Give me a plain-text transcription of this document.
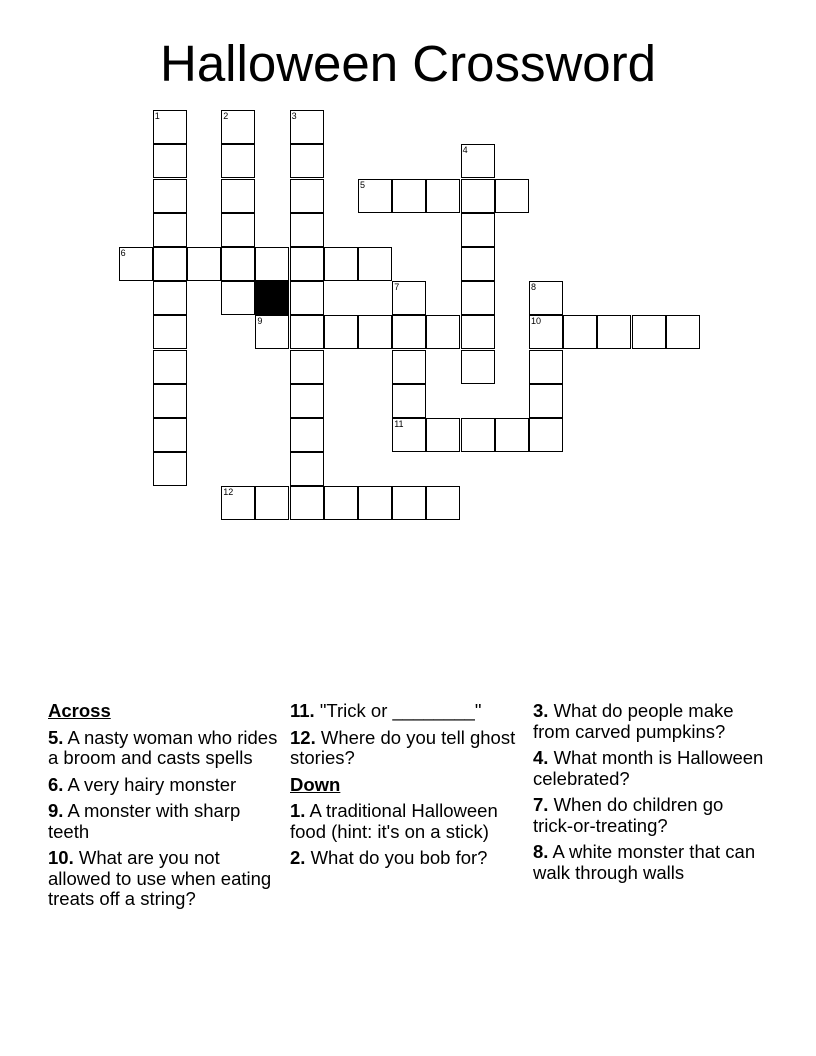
Halloween Crossword
1	2	3
4
5
6
7	8
9	10
11
12
Across
5. A nasty woman who rides a broom and casts spells
6. A very hairy monster
9. A monster with sharp teeth
10. What are you not allowed to use when eating treats off a string?
11. "Trick or ________"
12. Where do you tell ghost stories?
Down
1. A traditional Halloween food (hint: it's on a stick)
2. What do you bob for?
3. What do people make from carved pumpkins?
4. What month is Halloween celebrated?
7. When do children go trick-or-treating?
8. A white monster that can walk through walls
